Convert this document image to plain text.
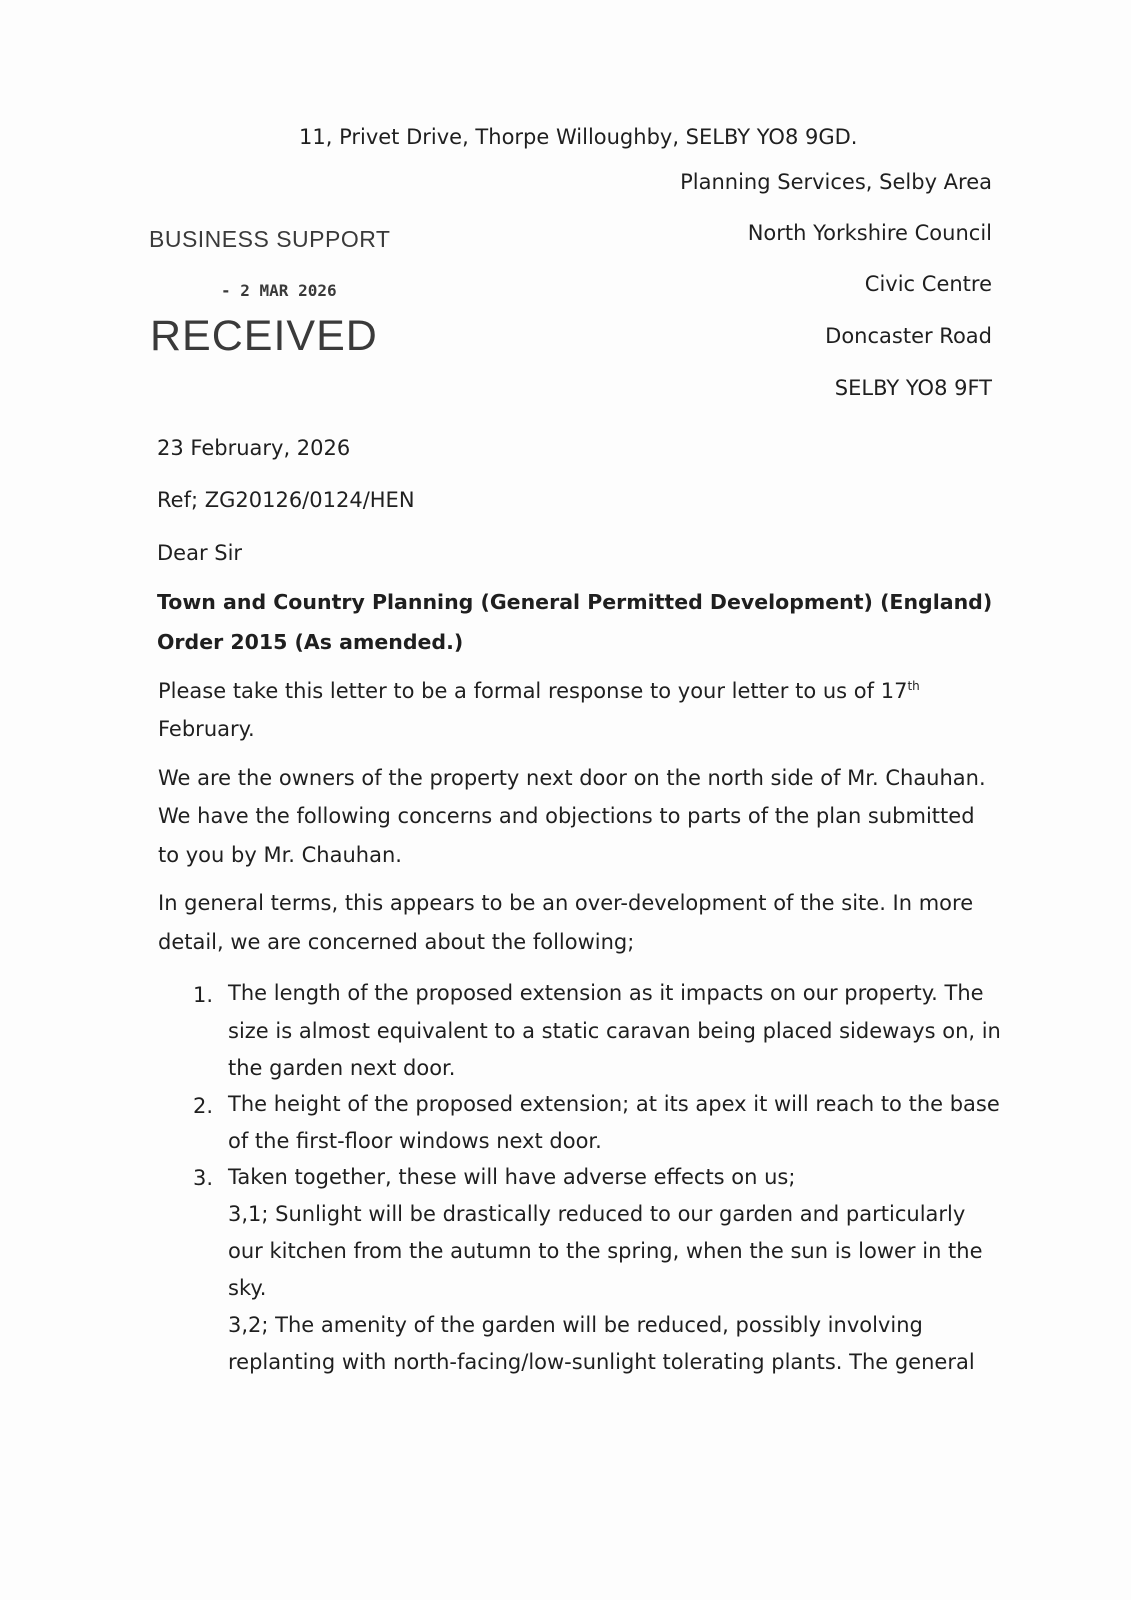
11, Privet Drive, Thorpe Willoughby, SELBY YO8 9GD.
Planning Services, Selby Area
North Yorkshire Council
Civic Centre
Doncaster Road
SELBY YO8 9FT
BUSINESS SUPPORT
- 2 MAR 2026
RECEIVED
23 February, 2026
Ref; ZG20126/0124/HEN
Dear Sir
Town and Country Planning (General Permitted Development) (England)
Order 2015 (As amended.)
Please take this letter to be a formal response to your letter to us of 17th
February.
We are the owners of the property next door on the north side of Mr. Chauhan.
We have the following concerns and objections to parts of the plan submitted
to you by Mr. Chauhan.
In general terms, this appears to be an over-development of the site. In more
detail, we are concerned about the following;
1. The length of the proposed extension as it impacts on our property. The
size is almost equivalent to a static caravan being placed sideways on, in
the garden next door.
2. The height of the proposed extension; at its apex it will reach to the base
of the first-floor windows next door.
3. Taken together, these will have adverse effects on us;
3,1; Sunlight will be drastically reduced to our garden and particularly
our kitchen from the autumn to the spring, when the sun is lower in the
sky.
3,2; The amenity of the garden will be reduced, possibly involving
replanting with north-facing/low-sunlight tolerating plants. The general
